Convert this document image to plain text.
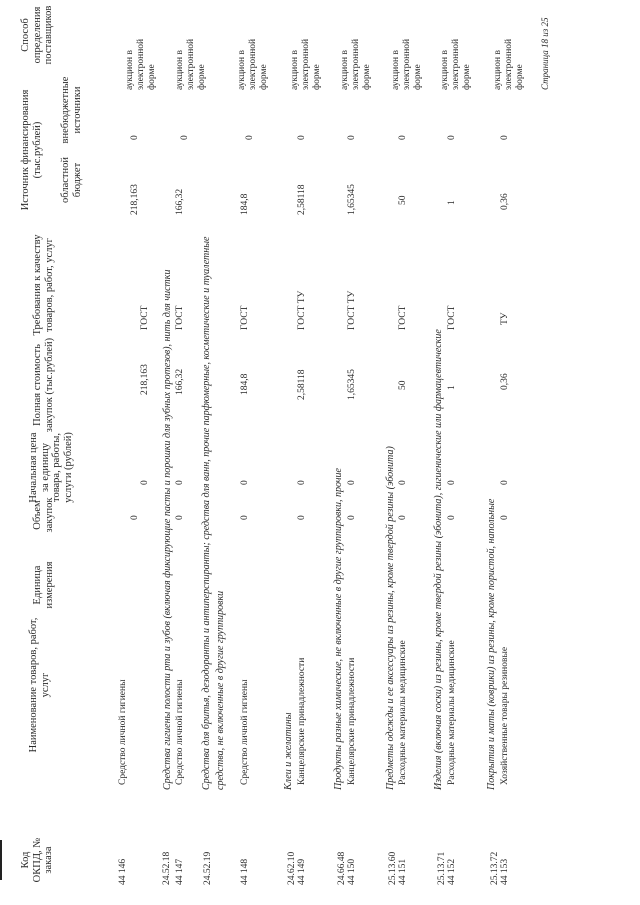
Код ОКПД, № заказа
Наименование товаров, работ, услуг
Единица измерения
Объем закупок
Начальная цена за единицу товара, работы, услуги (рублей)
Полная стоимость закупок (тыс.рублей)
Требования к качеству товаров, работ, услуг
Источник финансирования (тыс.рублей)
областной бюджет
внебюджетные источники
Способ определения поставщиков
44 146
Средство личной гигиены
0
0
218,163
ГОСТ
218,163
0
аукцион в электронной форме
24.52.18
Средства гигиены полости рта и зубов (включая фиксирующие пасты и порошки для зубных протезов), нить для чистки
44 147
Средство личной гигиены
0
0
166,32
ГОСТ
166,32
0
аукцион в электронной форме
24.52.19
Средства для бритья, дезодоранты и антиперспиранты; средства для ванн, прочие парфюмерные, косметические и туалетные средства, не включенные в другие группировки
44 148
Средство личной гигиены
0
0
184,8
ГОСТ
184,8
0
аукцион в электронной форме
24.62.10
Клеи и желатины
44 149
Канцелярские принадлежности
0
0
2,58118
ГОСТ ТУ
2,58118
0
аукцион в электронной форме
24.66.48
Продукты разные химические, не включенные в другие группировки, прочие
44 150
Канцелярские принадлежности
0
0
1,65345
ГОСТ ТУ
1,65345
0
аукцион в электронной форме
25.13.60
Предметы одежды и ее аксессуары из резины, кроме твердой резины (эбонита)
44 151
Расходные материалы медицинские
0
0
50
ГОСТ
50
0
аукцион в электронной форме
25.13.71
Изделия (включая соски) из резины, кроме твердой резины (эбонита), гигиенические или фармацевтические
44 152
Расходные материалы медицинские
0
0
1
ГОСТ
1
0
аукцион в электронной форме
25.13.72
Покрытия и маты (коврики) из резины, кроме пористой, напольные
44 153
Хозяйственные товары резиновые
0
0
0,36
ТУ
0,36
0
аукцион в электронной форме Страница 18 из 25
